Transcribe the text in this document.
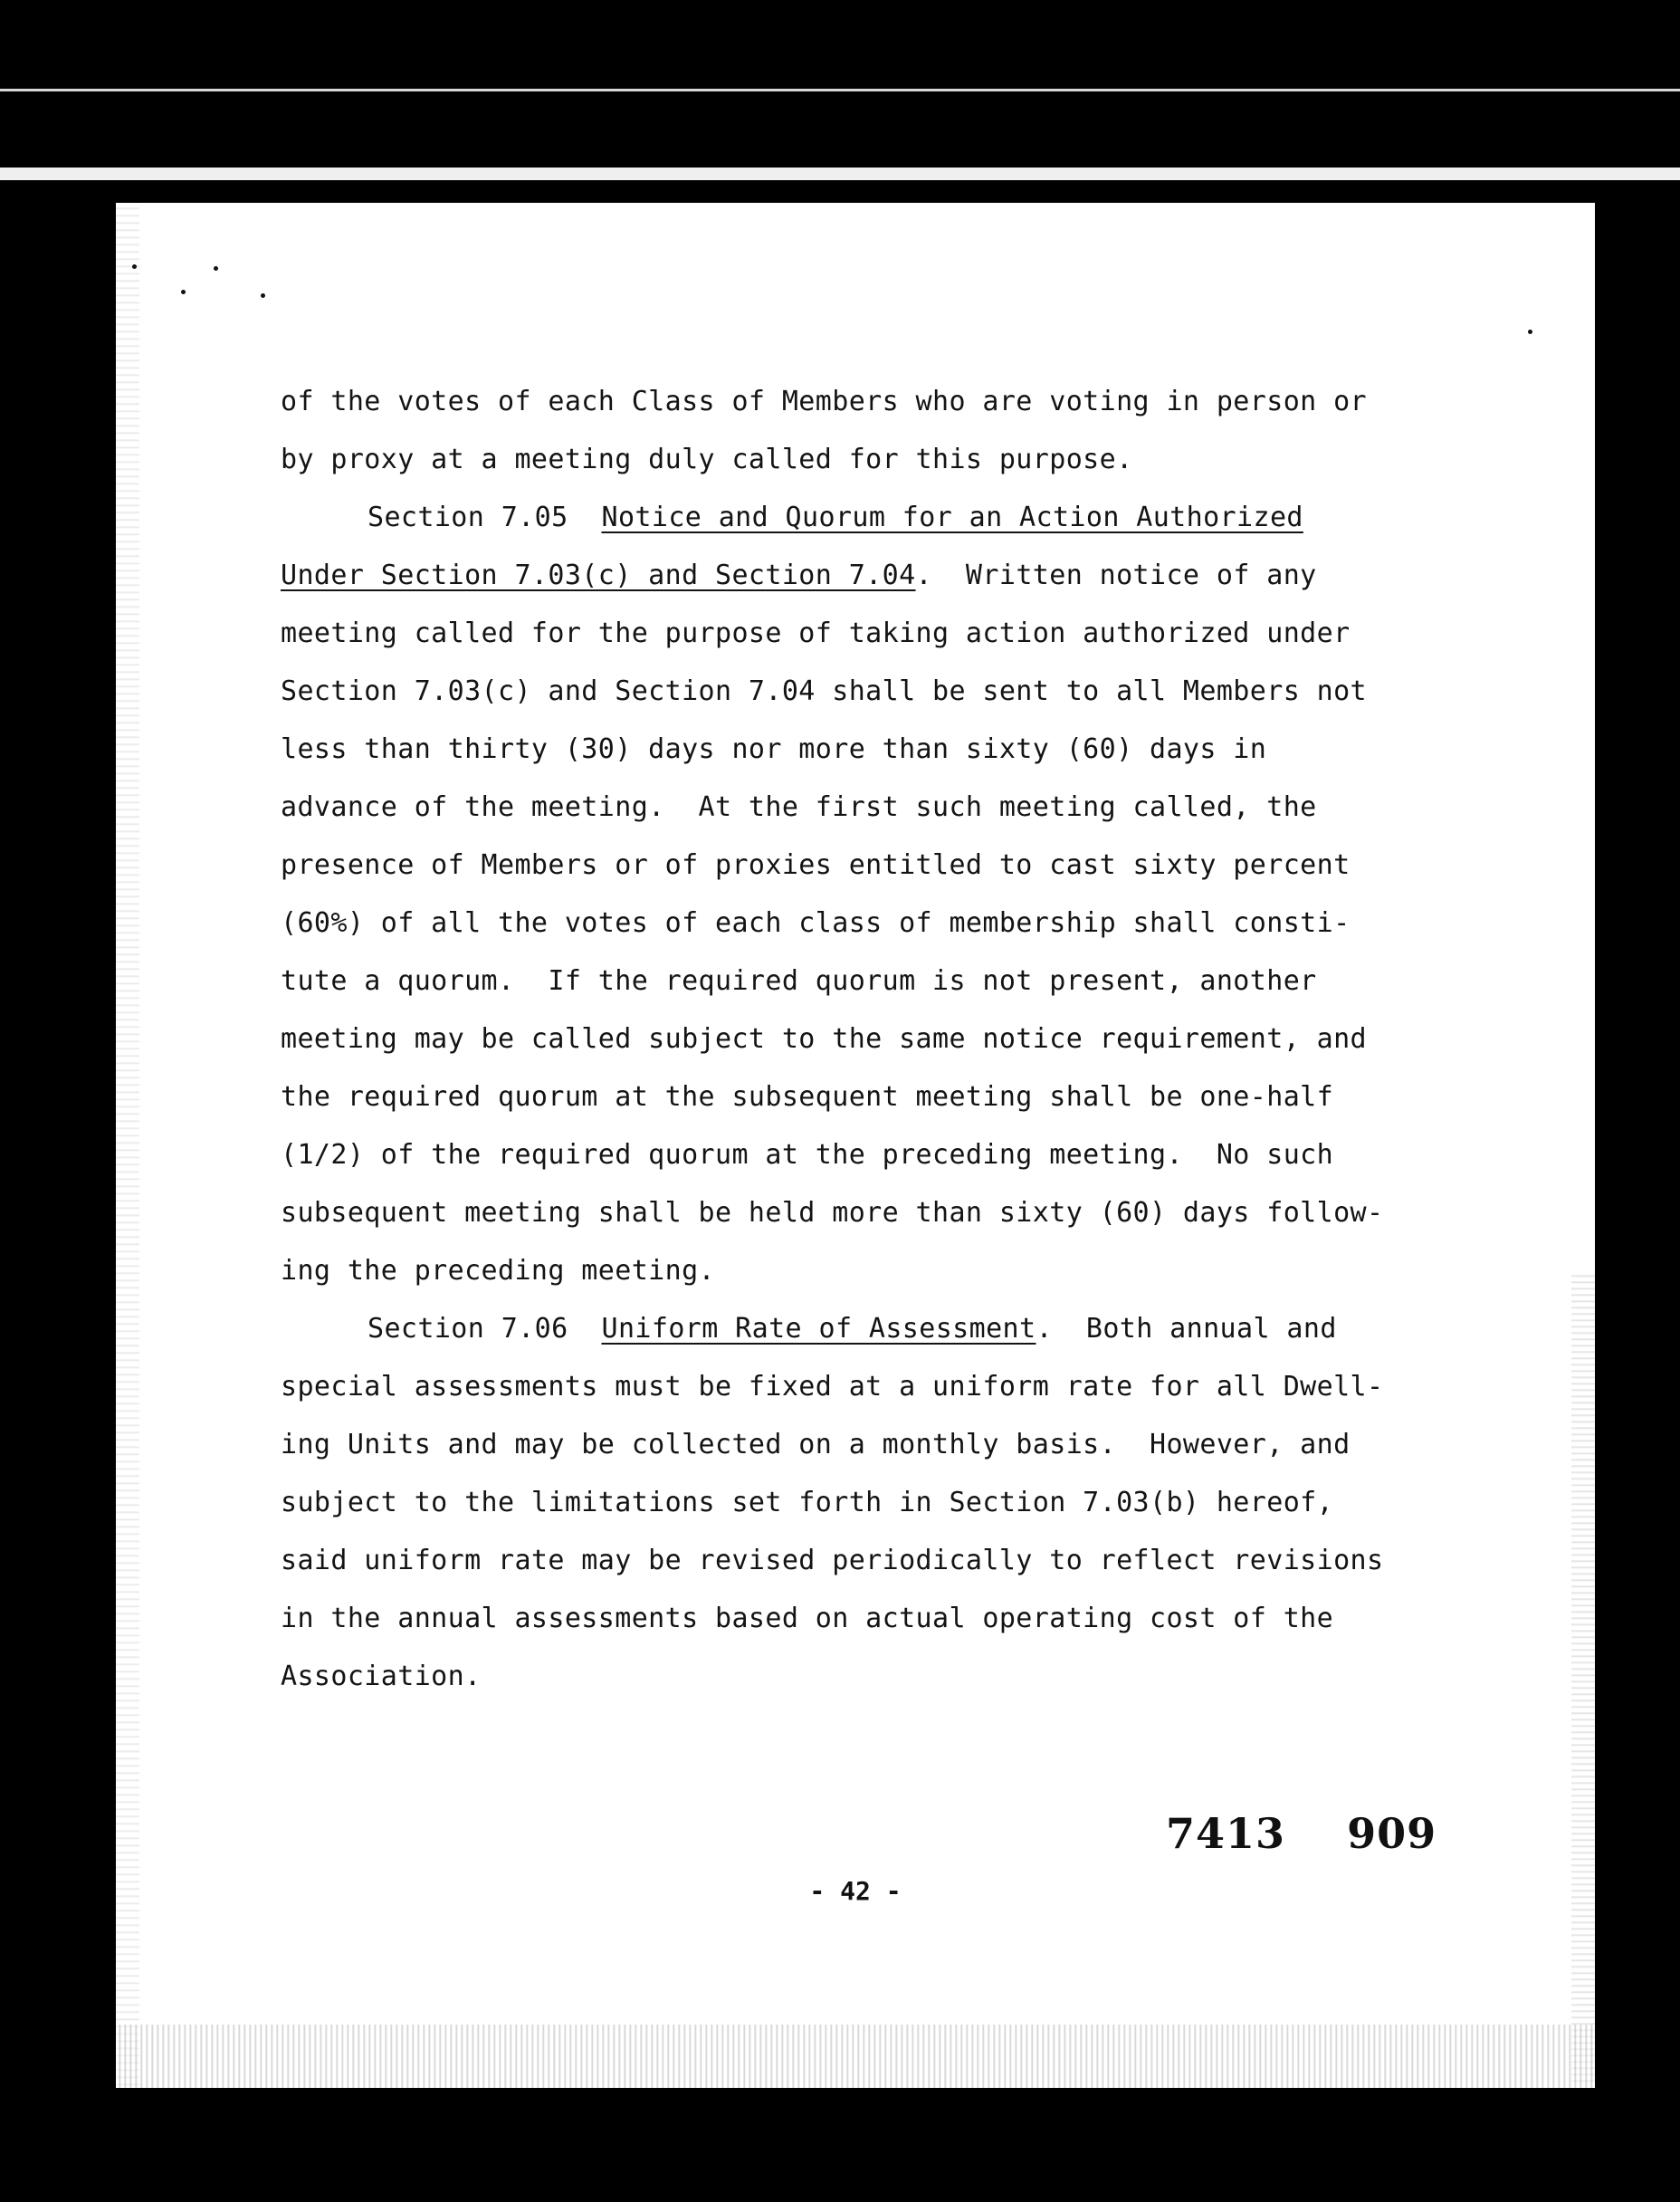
of the votes of each Class of Members who are voting in person or
by proxy at a meeting duly called for this purpose.
Section 7.05 Notice and Quorum for an Action Authorized
Under Section 7.03(c) and Section 7.04.  Written notice of any
meeting called for the purpose of taking action authorized under
Section 7.03(c) and Section 7.04 shall be sent to all Members not
less than thirty (30) days nor more than sixty (60) days in
advance of the meeting.  At the first such meeting called, the
presence of Members or of proxies entitled to cast sixty percent
(60%) of all the votes of each class of membership shall consti-
tute a quorum.  If the required quorum is not present, another
meeting may be called subject to the same notice requirement, and
the required quorum at the subsequent meeting shall be one-half
(1/2) of the required quorum at the preceding meeting.  No such
subsequent meeting shall be held more than sixty (60) days follow-
ing the preceding meeting.
Section 7.06 Uniform Rate of Assessment.  Both annual and
special assessments must be fixed at a uniform rate for all Dwell-
ing Units and may be collected on a monthly basis.  However, and
subject to the limitations set forth in Section 7.03(b) hereof,
said uniform rate may be revised periodically to reflect revisions
in the annual assessments based on actual operating cost of the
Association.
7413 909
- 42 -
